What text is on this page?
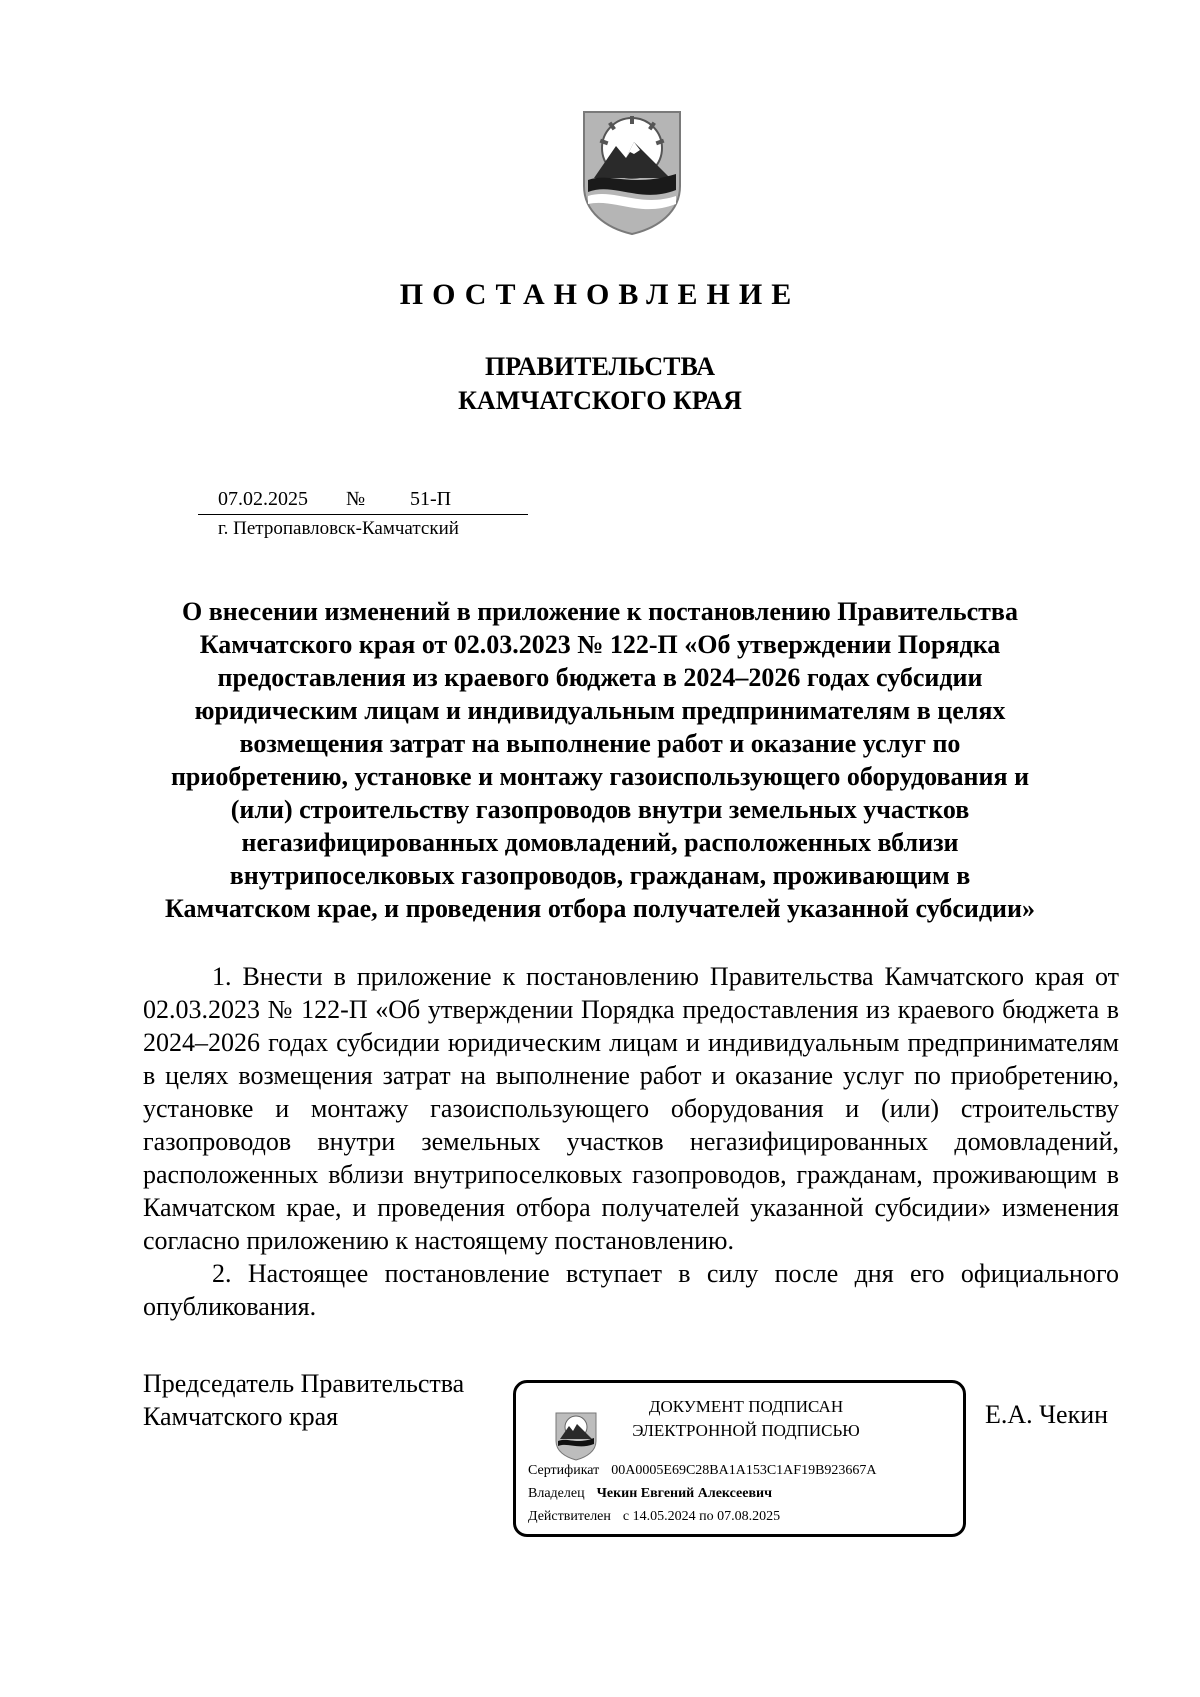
ПОСТАНОВЛЕНИЕ
ПРАВИТЕЛЬСТВА
КАМЧАТСКОГО КРАЯ
07.02.2025 № 51-П
г. Петропавловск-Камчатский
О внесении изменений в приложение к постановлению Правительства
Камчатского края от 02.03.2023 № 122-П «Об утверждении Порядка
предоставления из краевого бюджета в 2024–2026 годах субсидии
юридическим лицам и индивидуальным предпринимателям в целях
возмещения затрат на выполнение работ и оказание услуг по
приобретению, установке и монтажу газоиспользующего оборудования и
(или) строительству газопроводов внутри земельных участков
негазифицированных домовладений, расположенных вблизи
внутрипоселковых газопроводов, гражданам, проживающим в
Камчатском крае, и проведения отбора получателей указанной субсидии»

1. Внести в приложение к постановлению Правительства Камчатского края от 02.03.2023 № 122-П «Об утверждении Порядка предоставления из краевого бюджета в 2024–2026 годах субсидии юридическим лицам и индивидуальным предпринимателям в целях возмещения затрат на выполнение работ и оказание услуг по приобретению, установке и монтажу газоиспользующего оборудования и (или) строительству газопроводов внутри земельных участков негазифицированных домовладений, расположенных вблизи внутрипоселковых газопроводов, гражданам, проживающим в Камчатском крае, и проведения отбора получателей указанной субсидии» изменения согласно приложению к настоящему постановлению.

2. Настоящее постановление вступает в силу после дня его официального опубликования.

Председатель Правительства
Камчатского края	ДОКУМЕНТ ПОДПИСАН
ЭЛЕКТРОННОЙ ПОДПИСЬЮ
Сертификат 00A0005E69C28BA1A153C1AF19B923667A
Владелец Чекин Евгений Алексеевич
Действителен с 14.05.2024 по 07.08.2025
Е.А. Чекин
